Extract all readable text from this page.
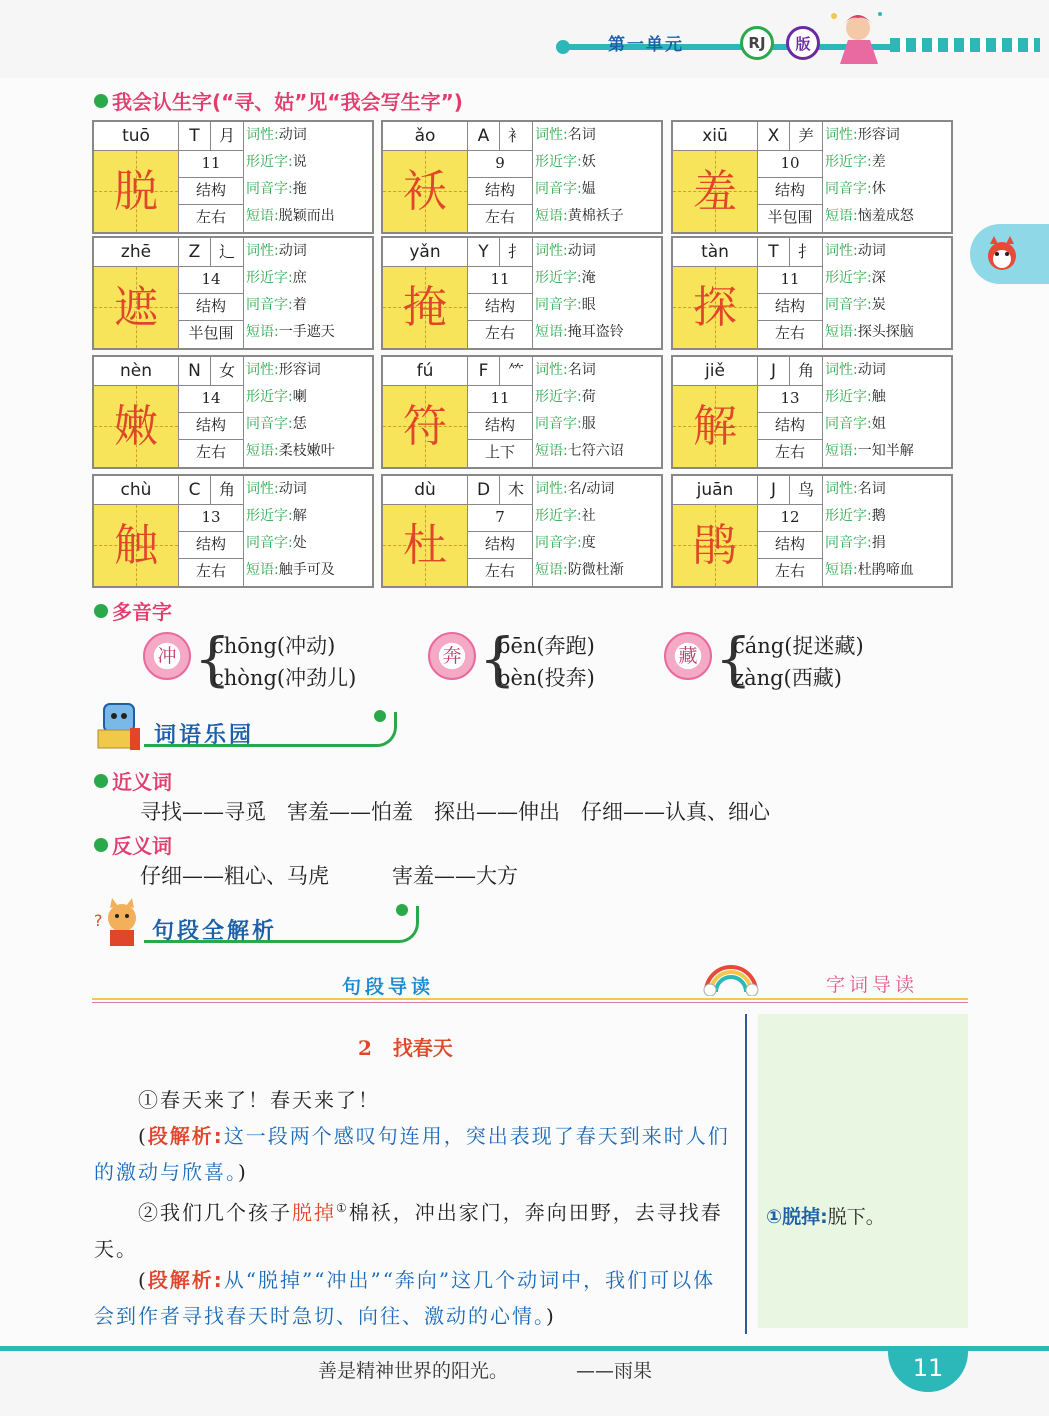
第一单元	RJ	版
我会认生字(“寻、姑”见“我会写生字”)
tuō
脱
T	月
11
结构
左右
词性:动词
形近字:说
同音字:拖
短语:脱颖而出
ǎo
袄
A	衤
9
结构
左右
词性:名词
形近字:妖
同音字:媪
短语:黄棉袄子
xiū
羞
X	⺶
10
结构
半包围
词性:形容词
形近字:差
同音字:休
短语:恼羞成怒
zhē
遮
Z	辶
14
结构
半包围
词性:动词
形近字:庶
同音字:着
短语:一手遮天
yǎn
掩
Y	扌
11
结构
左右
词性:动词
形近字:淹
同音字:眼
短语:掩耳盗铃
tàn
探
T	扌
11
结构
左右
词性:动词
形近字:深
同音字:炭
短语:探头探脑
nèn
嫩
N	女
14
结构
左右
词性:形容词
形近字:喇
同音字:恁
短语:柔枝嫩叶
fú
符
F	⺮
11
结构
上下
词性:名词
形近字:荷
同音字:服
短语:七符六诏
jiě
解
J	角
13
结构
左右
词性:动词
形近字:触
同音字:姐
短语:一知半解
chù
触
C	角
13
结构
左右
词性:动词
形近字:解
同音字:处
短语:触手可及
dù
杜
D	木
7
结构
左右
词性:名/动词
形近字:社
同音字:度
短语:防微杜渐
juān
鹃
J	鸟
12
结构
左右
词性:名词
形近字:鹅
同音字:捐
短语:杜鹃啼血
多音字
冲 {
chōng(冲动)
chòng(冲劲儿)
奔 {
bēn(奔跑)
bèn(投奔)
藏 {
cáng(捉迷藏)
zàng(西藏)
词语乐园
近义词
寻找——寻觅　害羞——怕羞　探出——伸出　仔细——认真、细心
反义词
仔细——粗心、马虎　　　害羞——大方
? 句段全解析
句段导读	字词导读
①脱掉:脱下。
2 找春天
①春天来了！春天来了！
(段解析:这一段两个感叹句连用，突出表现了春天到来时人们的激动与欣喜。)
②我们几个孩子脱掉①棉袄，冲出家门，奔向田野，去寻找春天。
(段解析:从“脱掉”“冲出”“奔向”这几个动词中，我们可以体会到作者寻找春天时急切、向往、激动的心情。)
善是精神世界的阳光。	——雨果	11
